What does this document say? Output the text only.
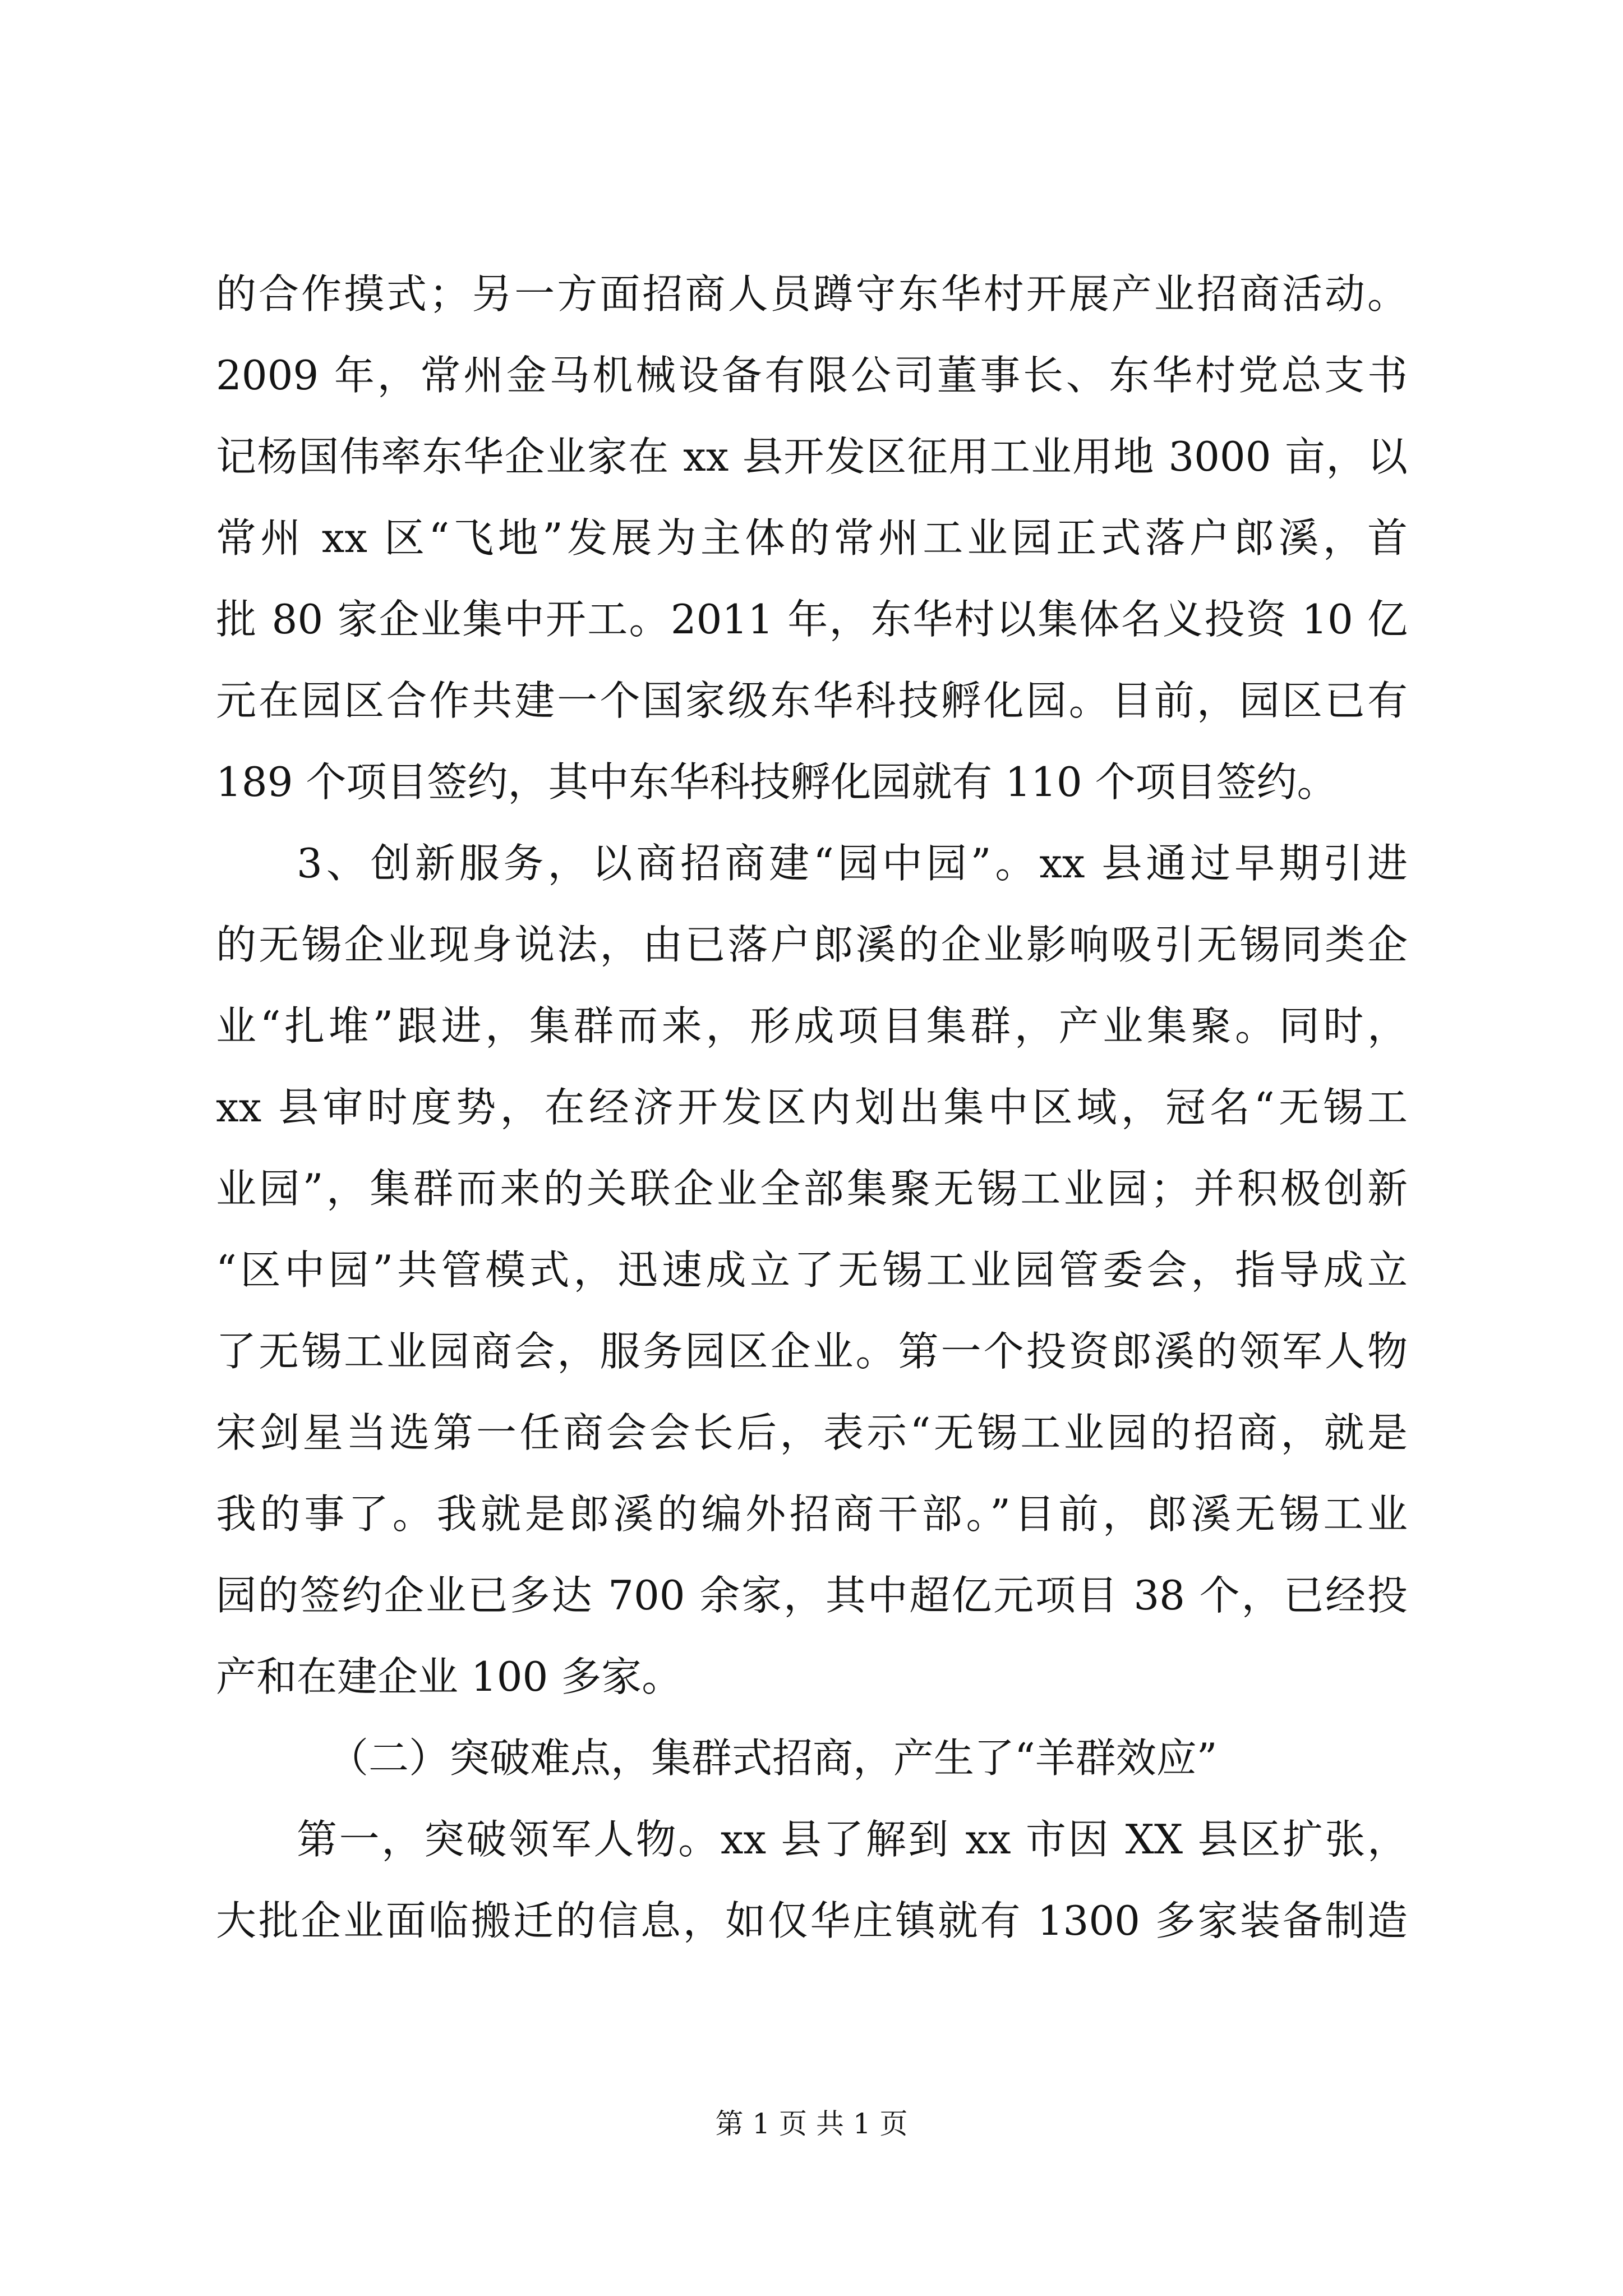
的合作摸式；另一方面招商人员蹲守东华村开展产业招商活动。
2009 年，常州金马机械设备有限公司董事长、东华村党总支书
记杨国伟率东华企业家在 xx 县开发区征用工业用地 3000 亩，以
常州 xx 区“飞地”发展为主体的常州工业园正式落户郎溪，首
批 80 家企业集中开工。2011 年，东华村以集体名义投资 10 亿
元在园区合作共建一个国家级东华科技孵化园。目前，园区已有
189 个项目签约，其中东华科技孵化园就有 110 个项目签约。
3、创新服务，以商招商建“园中园”。xx 县通过早期引进
的无锡企业现身说法，由已落户郎溪的企业影响吸引无锡同类企
业“扎堆”跟进，集群而来，形成项目集群，产业集聚。同时，
xx 县审时度势，在经济开发区内划出集中区域，冠名“无锡工
业园”，集群而来的关联企业全部集聚无锡工业园；并积极创新
“区中园”共管模式，迅速成立了无锡工业园管委会，指导成立
了无锡工业园商会，服务园区企业。第一个投资郎溪的领军人物
宋剑星当选第一任商会会长后，表示“无锡工业园的招商，就是
我的事了。我就是郎溪的编外招商干部。”目前，郎溪无锡工业
园的签约企业已多达 700 余家，其中超亿元项目 38 个，已经投
产和在建企业 100 多家。
（二）突破难点，集群式招商，产生了“羊群效应”
第一，突破领军人物。xx 县了解到 xx 市因 XX 县区扩张，
大批企业面临搬迁的信息，如仅华庄镇就有 1300 多家装备制造
第 1 页 共 1 页
